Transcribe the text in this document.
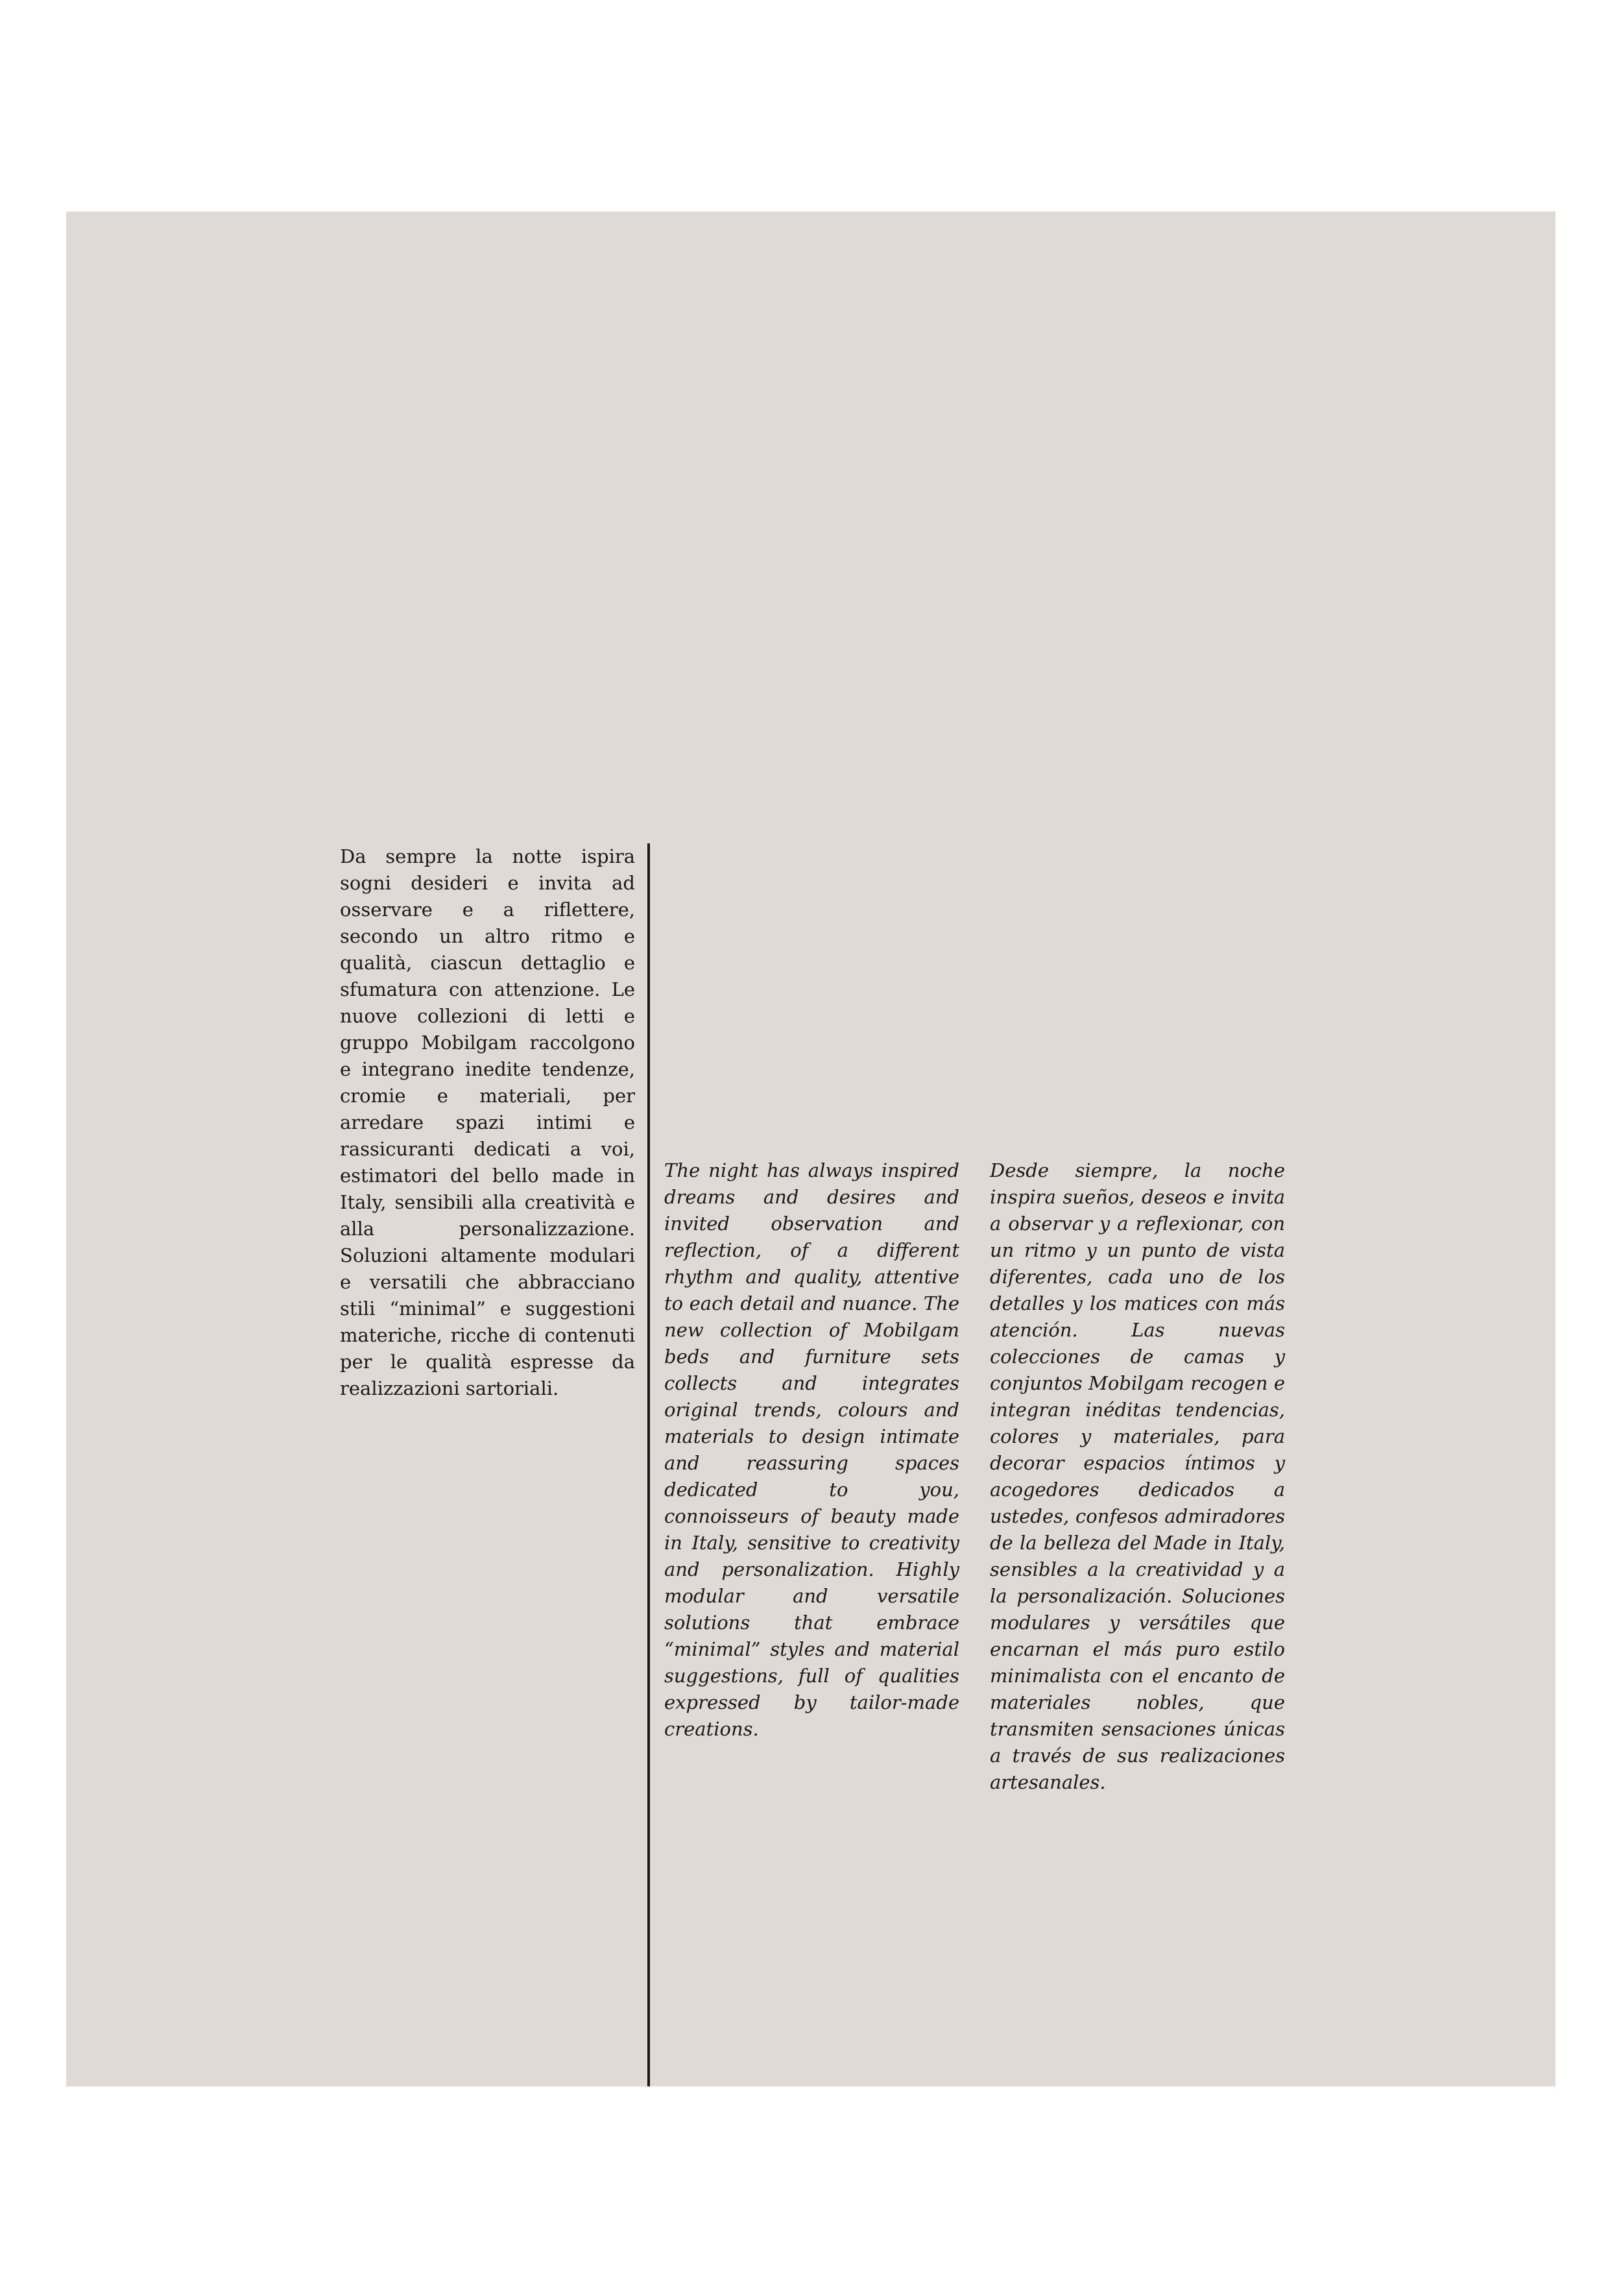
Da sempre la notte ispira sogni desideri e invita ad osservare e a riflettere, secondo un altro ritmo e qualità, ciascun dettaglio e sfumatura con attenzione. Le nuove collezioni di letti e gruppo Mobilgam raccolgono e integrano inedite tendenze, cromie e materiali, per arredare spazi intimi e rassicuranti dedicati a voi, estimatori del bello made in Italy, sensibili alla creatività e alla personalizzazione. Soluzioni altamente modulari e versatili che abbracciano stili “minimal” e suggestioni materiche, ricche di contenuti per le qualità espresse da realizzazioni sartoriali.

The night has always inspired dreams and desires and invited observation and reflection, of a different rhythm and quality, attentive to each detail and nuance. The new collection of Mobilgam beds and furniture sets collects and integrates original trends, colours and materials to design intimate and reassuring spaces dedicated to you, connoisseurs of beauty made in Italy, sensitive to creativity and personalization. Highly modular and versatile solutions that embrace “minimal” styles and material suggestions, full of qualities expressed by tailor-made creations.

Desde siempre, la noche inspira sueños, deseos e invita a observar y a reflexionar, con un ritmo y un punto de vista diferentes, cada uno de los detalles y los matices con más atención. Las nuevas colecciones de camas y conjuntos Mobilgam recogen e integran inéditas tendencias, colores y materiales, para decorar espacios íntimos y acogedores dedicados a ustedes, confesos admiradores de la belleza del Made in Italy, sensibles a la creatividad y a la personalización. Soluciones modulares y versátiles que encarnan el más puro estilo minimalista con el encanto de materiales nobles, que transmiten sensaciones únicas a través de sus realizaciones artesanales.
